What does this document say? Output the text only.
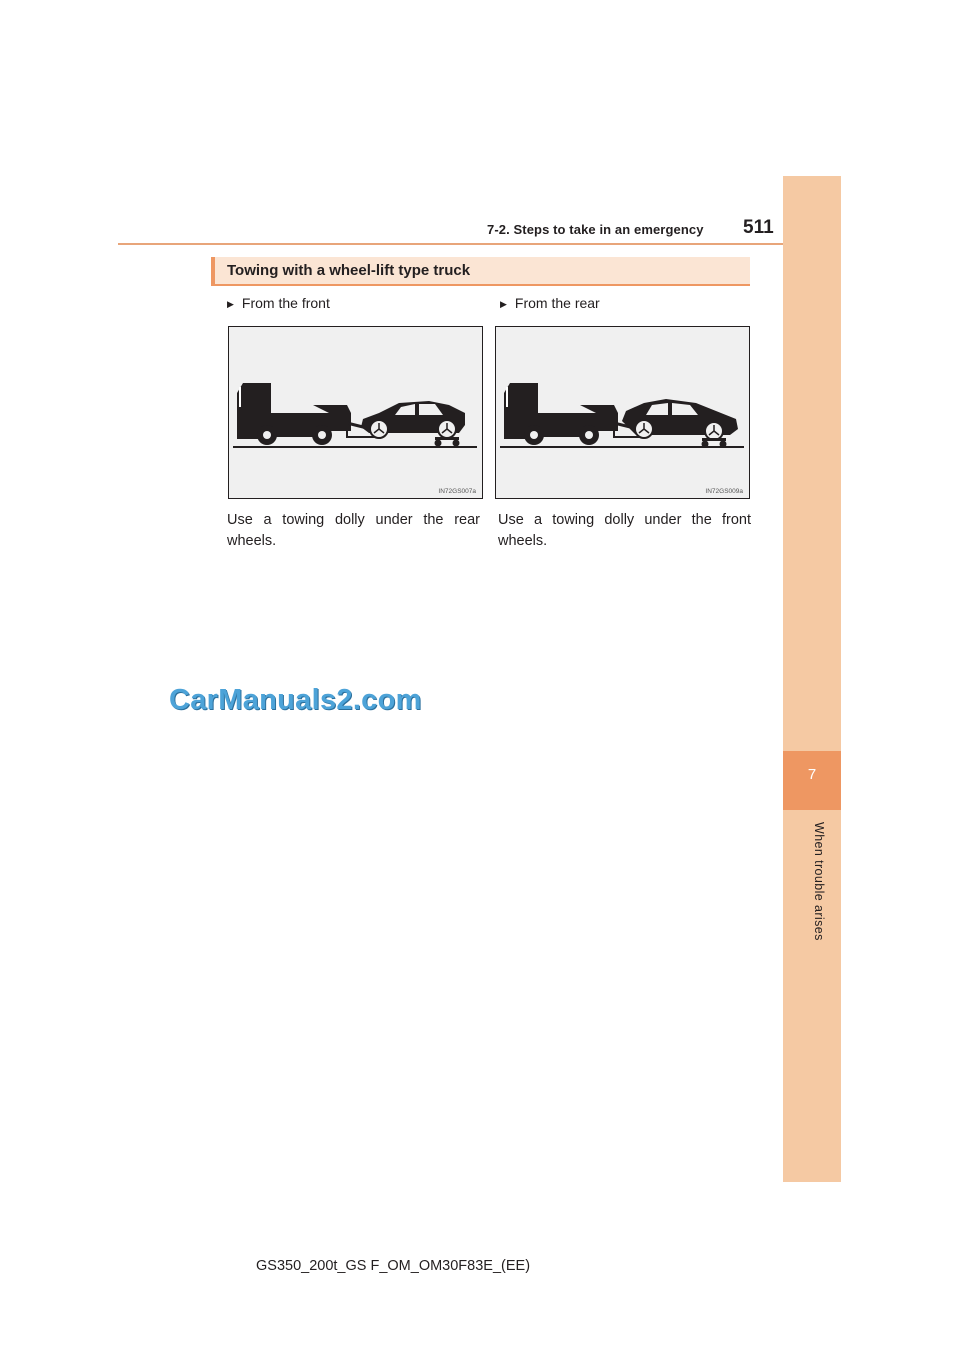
7-2. Steps to take in an emergency 511
7
When trouble arises
Towing with a wheel-lift type truck
▶ From the front	▶ From the rear
IN72GS007a	IN72GS009a
Use a towing dolly under the rear wheels.
Use a towing dolly under the front wheels.
CarManuals2.com
GS350_200t_GS F_OM_OM30F83E_(EE)
